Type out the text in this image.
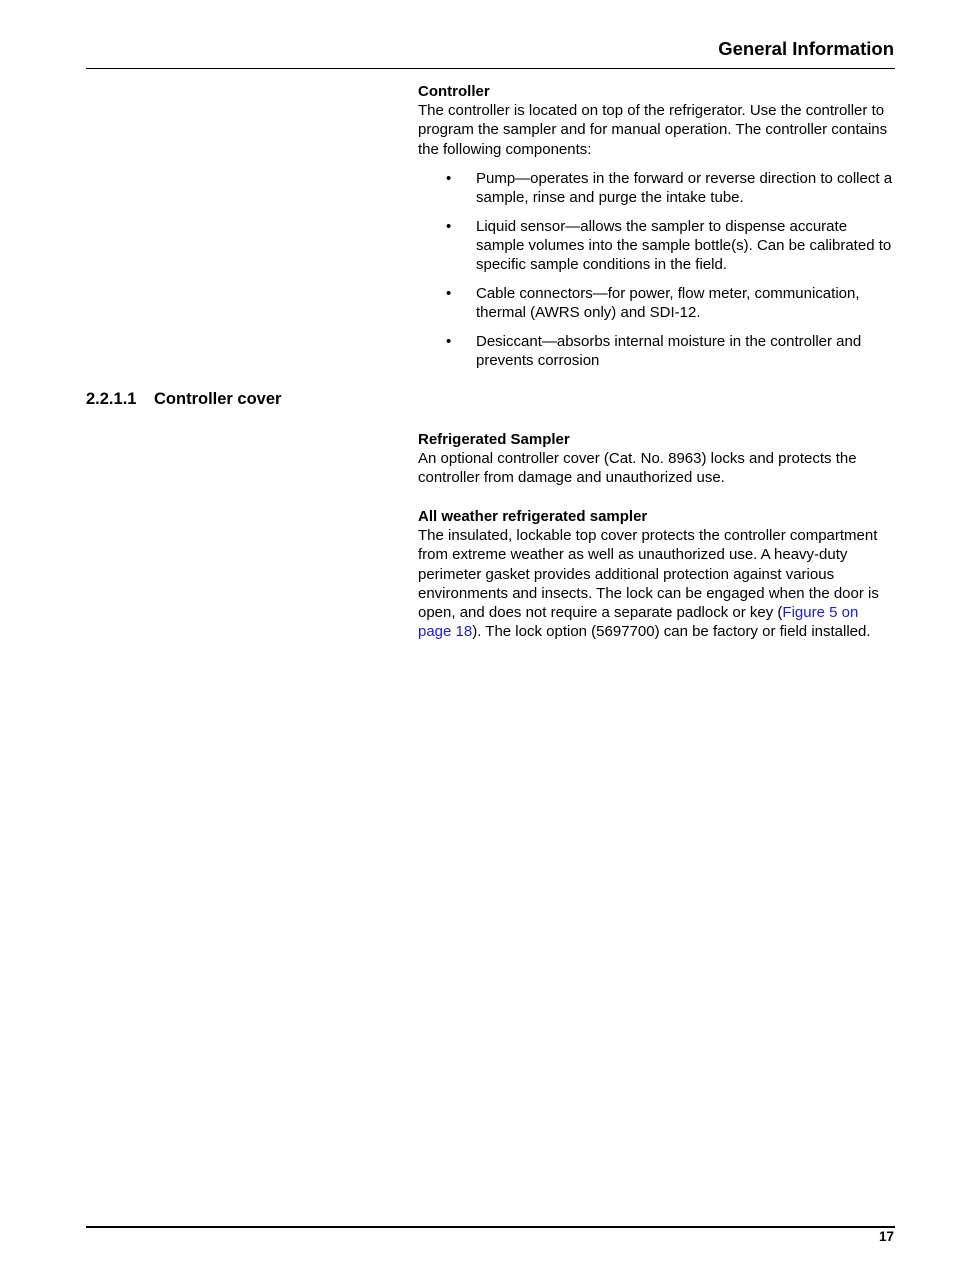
General Information

Controller

The controller is located on top of the refrigerator. Use the controller to program the sampler and for manual operation. The controller contains the following components:

• Pump—operates in the forward or reverse direction to collect a sample, rinse and purge the intake tube.
• Liquid sensor—allows the sampler to dispense accurate sample volumes into the sample bottle(s). Can be calibrated to specific sample conditions in the field.
• Cable connectors—for power, flow meter, communication, thermal (AWRS only) and SDI-12.
• Desiccant—absorbs internal moisture in the controller and prevents corrosion
2.2.1.1 Controller cover

Refrigerated Sampler

An optional controller cover (Cat. No. 8963) locks and protects the controller from damage and unauthorized use.

All weather refrigerated sampler

The insulated, lockable top cover protects the controller compartment from extreme weather as well as unauthorized use. A heavy-duty perimeter gasket provides additional protection against various environments and insects. The lock can be engaged when the door is open, and does not require a separate padlock or key (Figure 5 on page 18). The lock option (5697700) can be factory or field installed.

17
